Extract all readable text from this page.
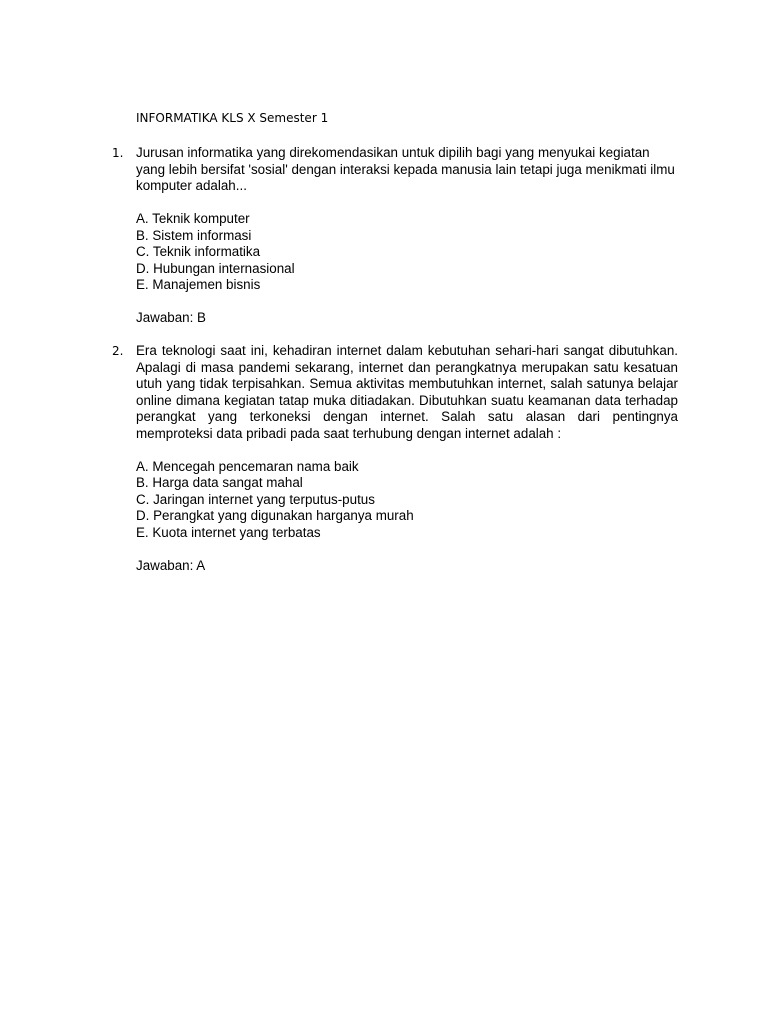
INFORMATIKA KLS X Semester 1
1. Jurusan informatika yang direkomendasikan untuk dipilih bagi yang menyukai kegiatan yang lebih bersifat 'sosial' dengan interaksi kepada manusia lain tetapi juga menikmati ilmu komputer adalah...

A. Teknik komputer
B. Sistem informasi
C. Teknik informatika
D. Hubungan internasional
E. Manajemen bisnis

Jawaban: B

2. Era teknologi saat ini, kehadiran internet dalam kebutuhan sehari-hari sangat dibutuhkan. Apalagi di masa pandemi sekarang, internet dan perangkatnya merupakan satu kesatuan utuh yang tidak terpisahkan. Semua aktivitas membutuhkan internet, salah satunya belajar online dimana kegiatan tatap muka ditiadakan. Dibutuhkan suatu keamanan data terhadap perangkat yang terkoneksi dengan internet. Salah satu alasan dari pentingnya memproteksi data pribadi pada saat terhubung dengan internet adalah :

A. Mencegah pencemaran nama baik
B. Harga data sangat mahal
C. Jaringan internet yang terputus-putus
D. Perangkat yang digunakan harganya murah
E. Kuota internet yang terbatas

Jawaban: A
